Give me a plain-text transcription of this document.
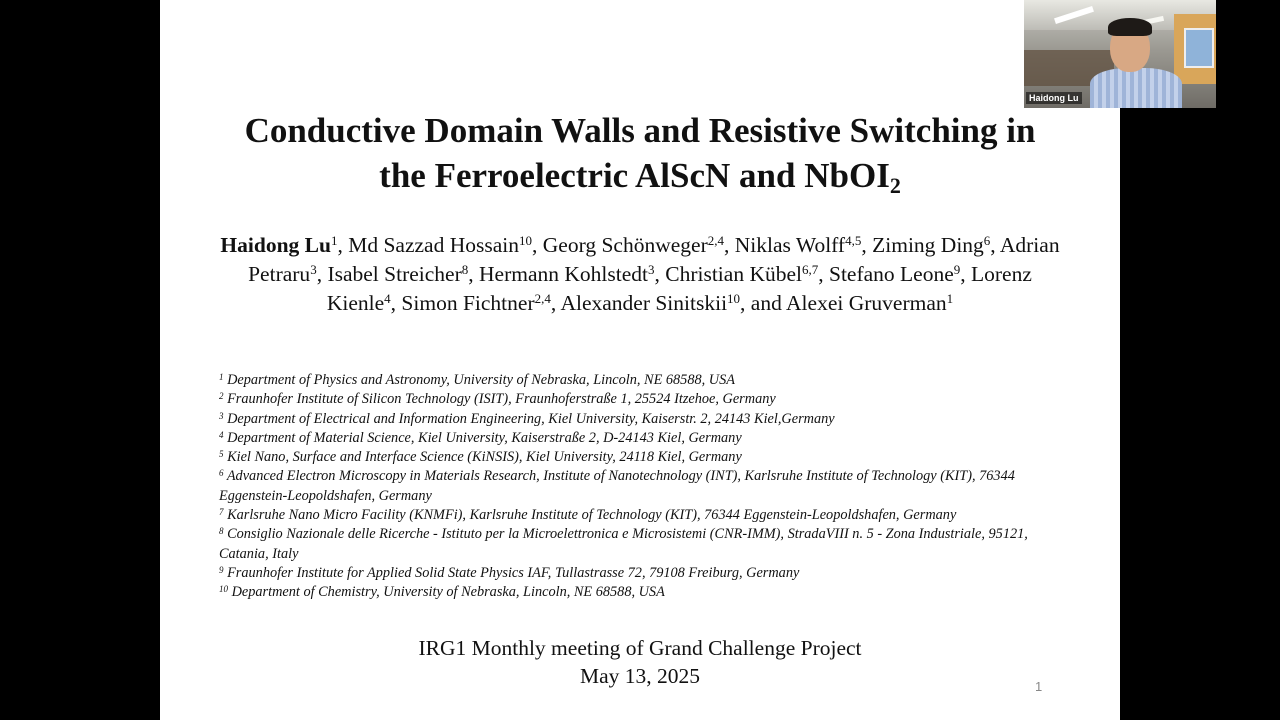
Conductive Domain Walls and Resistive Switching in
the Ferroelectric AlScN and NbOI$_2$
Haidong Lu$^1$, Md Sazzad Hossain$^{10}$, Georg Schönweger$^{2,4}$, Niklas Wolff$^{4,5}$, Ziming Ding$^6$, Adrian Petraru$^3$, Isabel Streicher$^8$, Hermann Kohlstedt$^3$, Christian Kübel$^{6,7}$, Stefano Leone$^9$, Lorenz Kienle$^4$, Simon Fichtner$^{2,4}$, Alexander Sinitskii$^{10}$, and Alexei Gruverman$^1$
$^1$ Department of Physics and Astronomy, University of Nebraska, Lincoln, NE 68588, USA
$^2$ Fraunhofer Institute of Silicon Technology (ISIT), Fraunhoferstraße 1, 25524 Itzehoe, Germany
$^3$ Department of Electrical and Information Engineering, Kiel University, Kaiserstr. 2, 24143 Kiel,Germany
$^4$ Department of Material Science, Kiel University, Kaiserstraße 2, D-24143 Kiel, Germany
$^5$ Kiel Nano, Surface and Interface Science (KiNSIS), Kiel University, 24118 Kiel, Germany
$^6$ Advanced Electron Microscopy in Materials Research, Institute of Nanotechnology (INT), Karlsruhe Institute of Technology (KIT), 76344 Eggenstein-Leopoldshafen, Germany
$^7$ Karlsruhe Nano Micro Facility (KNMFi), Karlsruhe Institute of Technology (KIT), 76344 Eggenstein-Leopoldshafen, Germany
$^8$ Consiglio Nazionale delle Ricerche - Istituto per la Microelettronica e Microsistemi (CNR-IMM), StradaVIII n. 5 - Zona Industriale, 95121, Catania, Italy
$^9$ Fraunhofer Institute for Applied Solid State Physics IAF, Tullastrasse 72, 79108 Freiburg, Germany
$^{10}$ Department of Chemistry, University of Nebraska, Lincoln, NE 68588, USA
IRG1 Monthly meeting of Grand Challenge Project
May 13, 2025	1
Haidong Lu
